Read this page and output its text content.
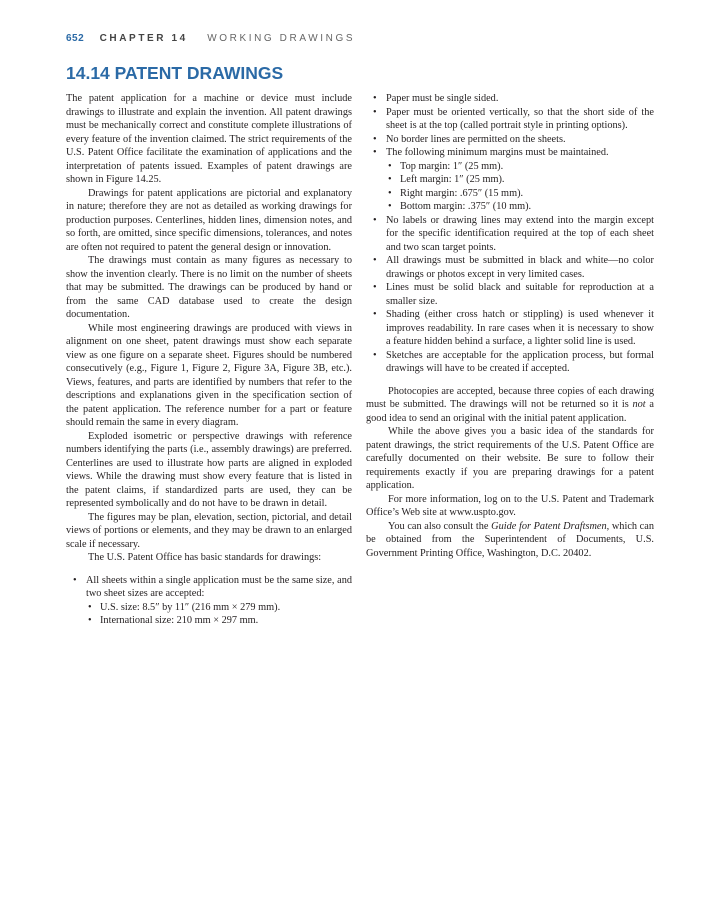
652 CHAPTER 14 WORKING DRAWINGS
14.14 PATENT DRAWINGS

The patent application for a machine or device must include drawings to illustrate and explain the invention. All patent drawings must be mechanically correct and constitute complete illustrations of every feature of the invention claimed. The strict requirements of the U.S. Patent Office facilitate the examination of applications and the interpretation of patents issued. Examples of patent drawings are shown in Figure 14.25.

Drawings for patent applications are pictorial and explanatory in nature; therefore they are not as detailed as working drawings for production purposes. Centerlines, hidden lines, dimension notes, and so forth, are omitted, since specific dimensions, tolerances, and notes are often not required to patent the general design or innovation.

The drawings must contain as many figures as necessary to show the invention clearly. There is no limit on the number of sheets that may be submitted. The drawings can be produced by hand or from the same CAD database used to create the design documentation.

While most engineering drawings are produced with views in alignment on one sheet, patent drawings must show each separate view as one figure on a separate sheet. Figures should be numbered consecutively (e.g., Figure 1, Figure 2, Figure 3A, Figure 3B, etc.). Views, features, and parts are identified by numbers that refer to the descriptions and explanations given in the specification section of the patent application. The reference number for a part or feature should remain the same in every diagram.

Exploded isometric or perspective drawings with reference numbers identifying the parts (i.e., assembly drawings) are preferred. Centerlines are used to illustrate how parts are aligned in exploded views. While the drawing must show every feature that is listed in the patent claims, if standardized parts are used, they can be represented symbolically and do not have to be drawn in detail.

The figures may be plan, elevation, section, pictorial, and detail views of portions or elements, and they may be drawn to an enlarged scale if necessary.

The U.S. Patent Office has basic standards for drawings:

• All sheets within a single application must be the same size, and two sheet sizes are accepted:
• U.S. size: 8.5″ by 11″ (216 mm × 279 mm).
• International size: 210 mm × 297 mm.
• Paper must be single sided.
• Paper must be oriented vertically, so that the short side of the sheet is at the top (called portrait style in printing options).
• No border lines are permitted on the sheets.
• The following minimum margins must be maintained.
• Top margin: 1″ (25 mm).
• Left margin: 1″ (25 mm).
• Right margin: .675″ (15 mm).
• Bottom margin: .375″ (10 mm).
• No labels or drawing lines may extend into the margin except for the specific identification required at the top of each sheet and two scan target points.
• All drawings must be submitted in black and white—no color drawings or photos except in very limited cases.
• Lines must be solid black and suitable for reproduction at a smaller size.
• Shading (either cross hatch or stippling) is used whenever it improves readability. In rare cases when it is necessary to show a feature hidden behind a surface, a lighter solid line is used.
• Sketches are acceptable for the application process, but formal drawings will have to be created if accepted.

Photocopies are accepted, because three copies of each drawing must be submitted. The drawings will not be returned so it is not a good idea to send an original with the initial patent application.

While the above gives you a basic idea of the standards for patent drawings, the strict requirements of the U.S. Patent Office are carefully documented on their website. Be sure to follow their requirements exactly if you are preparing drawings for a patent application.

For more information, log on to the U.S. Patent and Trademark Office’s Web site at www.uspto.gov.

You can also consult the Guide for Patent Draftsmen, which can be obtained from the Superintendent of Documents, U.S. Government Printing Office, Washington, D.C. 20402.
